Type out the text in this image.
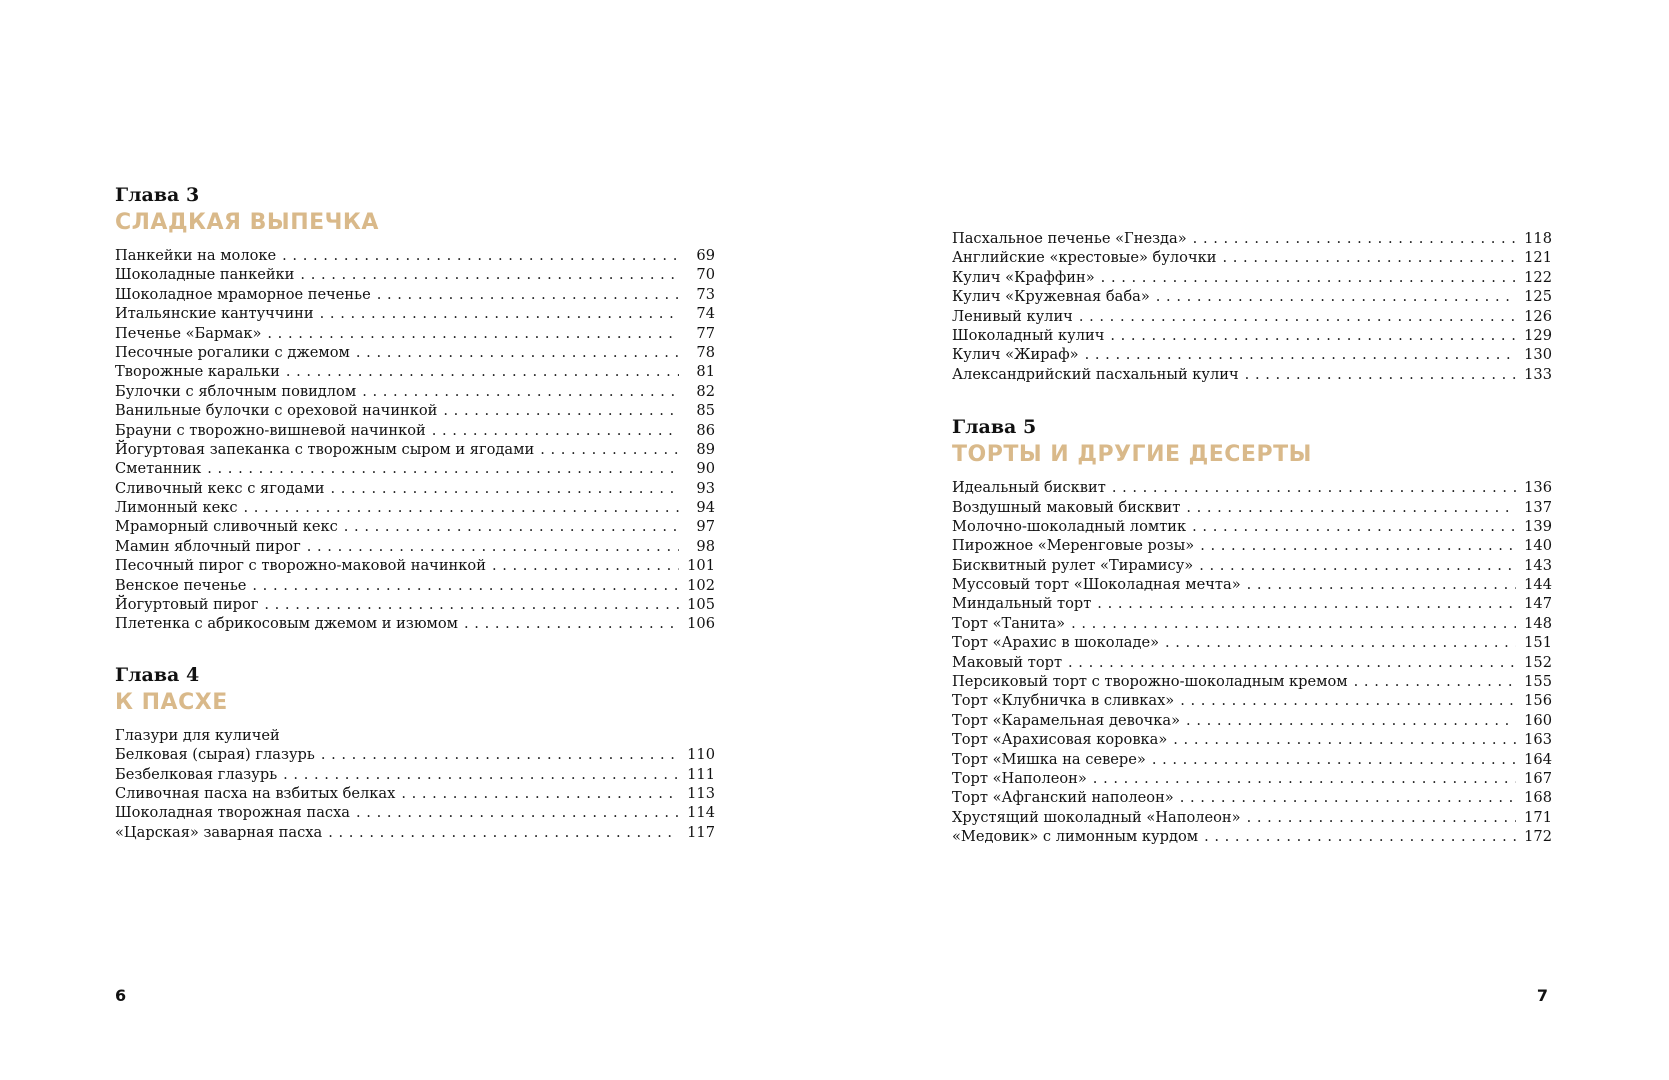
Глава 3
СЛАДКАЯ ВЫПЕЧКА
Панкейки на молоке . . .	69
Шоколадные панкейки . . .	70
Шоколадное мраморное печенье . . .	73
Итальянские кантуччини . . .	74
Печенье «Бармак» . . .	77
Песочные рогалики с джемом . . .	78
Творожные каральки . . .	81
Булочки с яблочным повидлом . . .	82
Ванильные булочки с ореховой начинкой . . .	85
Брауни с творожно-вишневой начинкой . . .	86
Йогуртовая запеканка с творожным сыром и ягодами . . .	89
Сметанник . . .	90
Сливочный кекс с ягодами . . .	93
Лимонный кекс . . .	94
Мраморный сливочный кекс . . .	97
Мамин яблочный пирог . . .	98
Песочный пирог с творожно-маковой начинкой . . .	101
Венское печенье . . .	102
Йогуртовый пирог . . .	105
Плетенка с абрикосовым джемом и изюмом . . .	106
Глава 4
К ПАСХЕ
Глазури для куличей
Белковая (сырая) глазурь . . .	110
Безбелковая глазурь . . .	111
Сливочная пасха на взбитых белках . . .	113
Шоколадная творожная пасха . . .	114
«Царская» заварная пасха . . .	117
6
Пасхальное печенье «Гнезда» . . .	118
Английские «крестовые» булочки . . .	121
Кулич «Краффин» . . .	122
Кулич «Кружевная баба» . . .	125
Ленивый кулич . . .	126
Шоколадный кулич . . .	129
Кулич «Жираф» . . .	130
Александрийский пасхальный кулич . . .	133
Глава 5
ТОРТЫ И ДРУГИЕ ДЕСЕРТЫ
Идеальный бисквит . . .	136
Воздушный маковый бисквит . . .	137
Молочно-шоколадный ломтик . . .	139
Пирожное «Меренговые розы» . . .	140
Бисквитный рулет «Тирамису» . . .	143
Муссовый торт «Шоколадная мечта» . . .	144
Миндальный торт . . .	147
Торт «Танита» . . .	148
Торт «Арахис в шоколаде» . . .	151
Маковый торт . . .	152
Персиковый торт с творожно-шоколадным кремом . . .	155
Торт «Клубничка в сливках» . . .	156
Торт «Карамельная девочка» . . .	160
Торт «Арахисовая коровка» . . .	163
Торт «Мишка на севере» . . .	164
Торт «Наполеон» . . .	167
Торт «Афганский наполеон» . . .	168
Хрустящий шоколадный «Наполеон» . . .	171
«Медовик» с лимонным курдом . . .	172
7
